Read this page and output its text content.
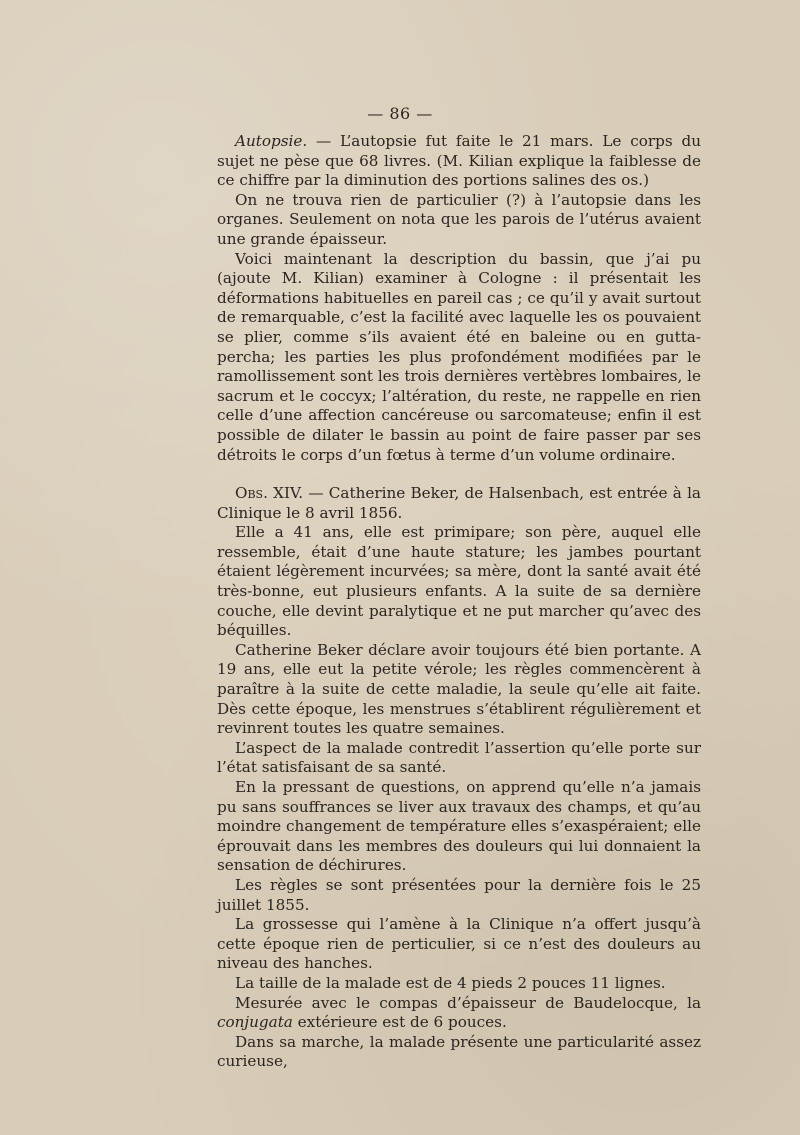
— 86 —

Autopsie. — L’autopsie fut faite le 21 mars. Le corps du sujet ne pèse que 68 livres. (M. Kilian explique la faiblesse de ce chiffre par la diminution des portions salines des os.)

On ne trouva rien de particulier (?) à l’autopsie dans les organes. Seulement on nota que les parois de l’utérus avaient une grande épaisseur.

Voici maintenant la description du bassin, que j’ai pu (ajoute M. Kilian) examiner à Cologne : il présentait les déformations habituelles en pareil cas ; ce qu’il y avait surtout de remarquable, c’est la facilité avec laquelle les os pouvaient se plier, comme s’ils avaient été en baleine ou en gutta-percha; les parties les plus profondément modifiées par le ramollissement sont les trois dernières vertèbres lombaires, le sacrum et le coccyx; l’altération, du reste, ne rappelle en rien celle d’une affection cancéreuse ou sarcomateuse; enfin il est possible de dilater le bassin au point de faire passer par ses détroits le corps d’un fœtus à terme d’un volume ordinaire.

Obs. XIV. — Catherine Beker, de Halsenbach, est entrée à la Clinique le 8 avril 1856.

Elle a 41 ans, elle est primipare; son père, auquel elle ressemble, était d’une haute stature; les jambes pourtant étaient légèrement incurvées; sa mère, dont la santé avait été très-bonne, eut plusieurs enfants. A la suite de sa dernière couche, elle devint paralytique et ne put marcher qu’avec des béquilles.

Catherine Beker déclare avoir toujours été bien portante. A 19 ans, elle eut la petite vérole; les règles commencèrent à paraître à la suite de cette maladie, la seule qu’elle ait faite. Dès cette époque, les menstrues s’établirent régulièrement et revinrent toutes les quatre semaines.

L’aspect de la malade contredit l’assertion qu’elle porte sur l’état satisfaisant de sa santé.

En la pressant de questions, on apprend qu’elle n’a jamais pu sans souffrances se liver aux travaux des champs, et qu’au moindre changement de température elles s’exaspéraient; elle éprouvait dans les membres des douleurs qui lui donnaient la sensation de déchirures.

Les règles se sont présentées pour la dernière fois le 25 juillet 1855.

La grossesse qui l’amène à la Clinique n’a offert jusqu’à cette époque rien de perticulier, si ce n’est des douleurs au niveau des hanches.

La taille de la malade est de 4 pieds 2 pouces 11 lignes.

Mesurée avec le compas d’épaisseur de Baudelocque, la conjugata extérieure est de 6 pouces.

Dans sa marche, la malade présente une particularité assez curieuse,
